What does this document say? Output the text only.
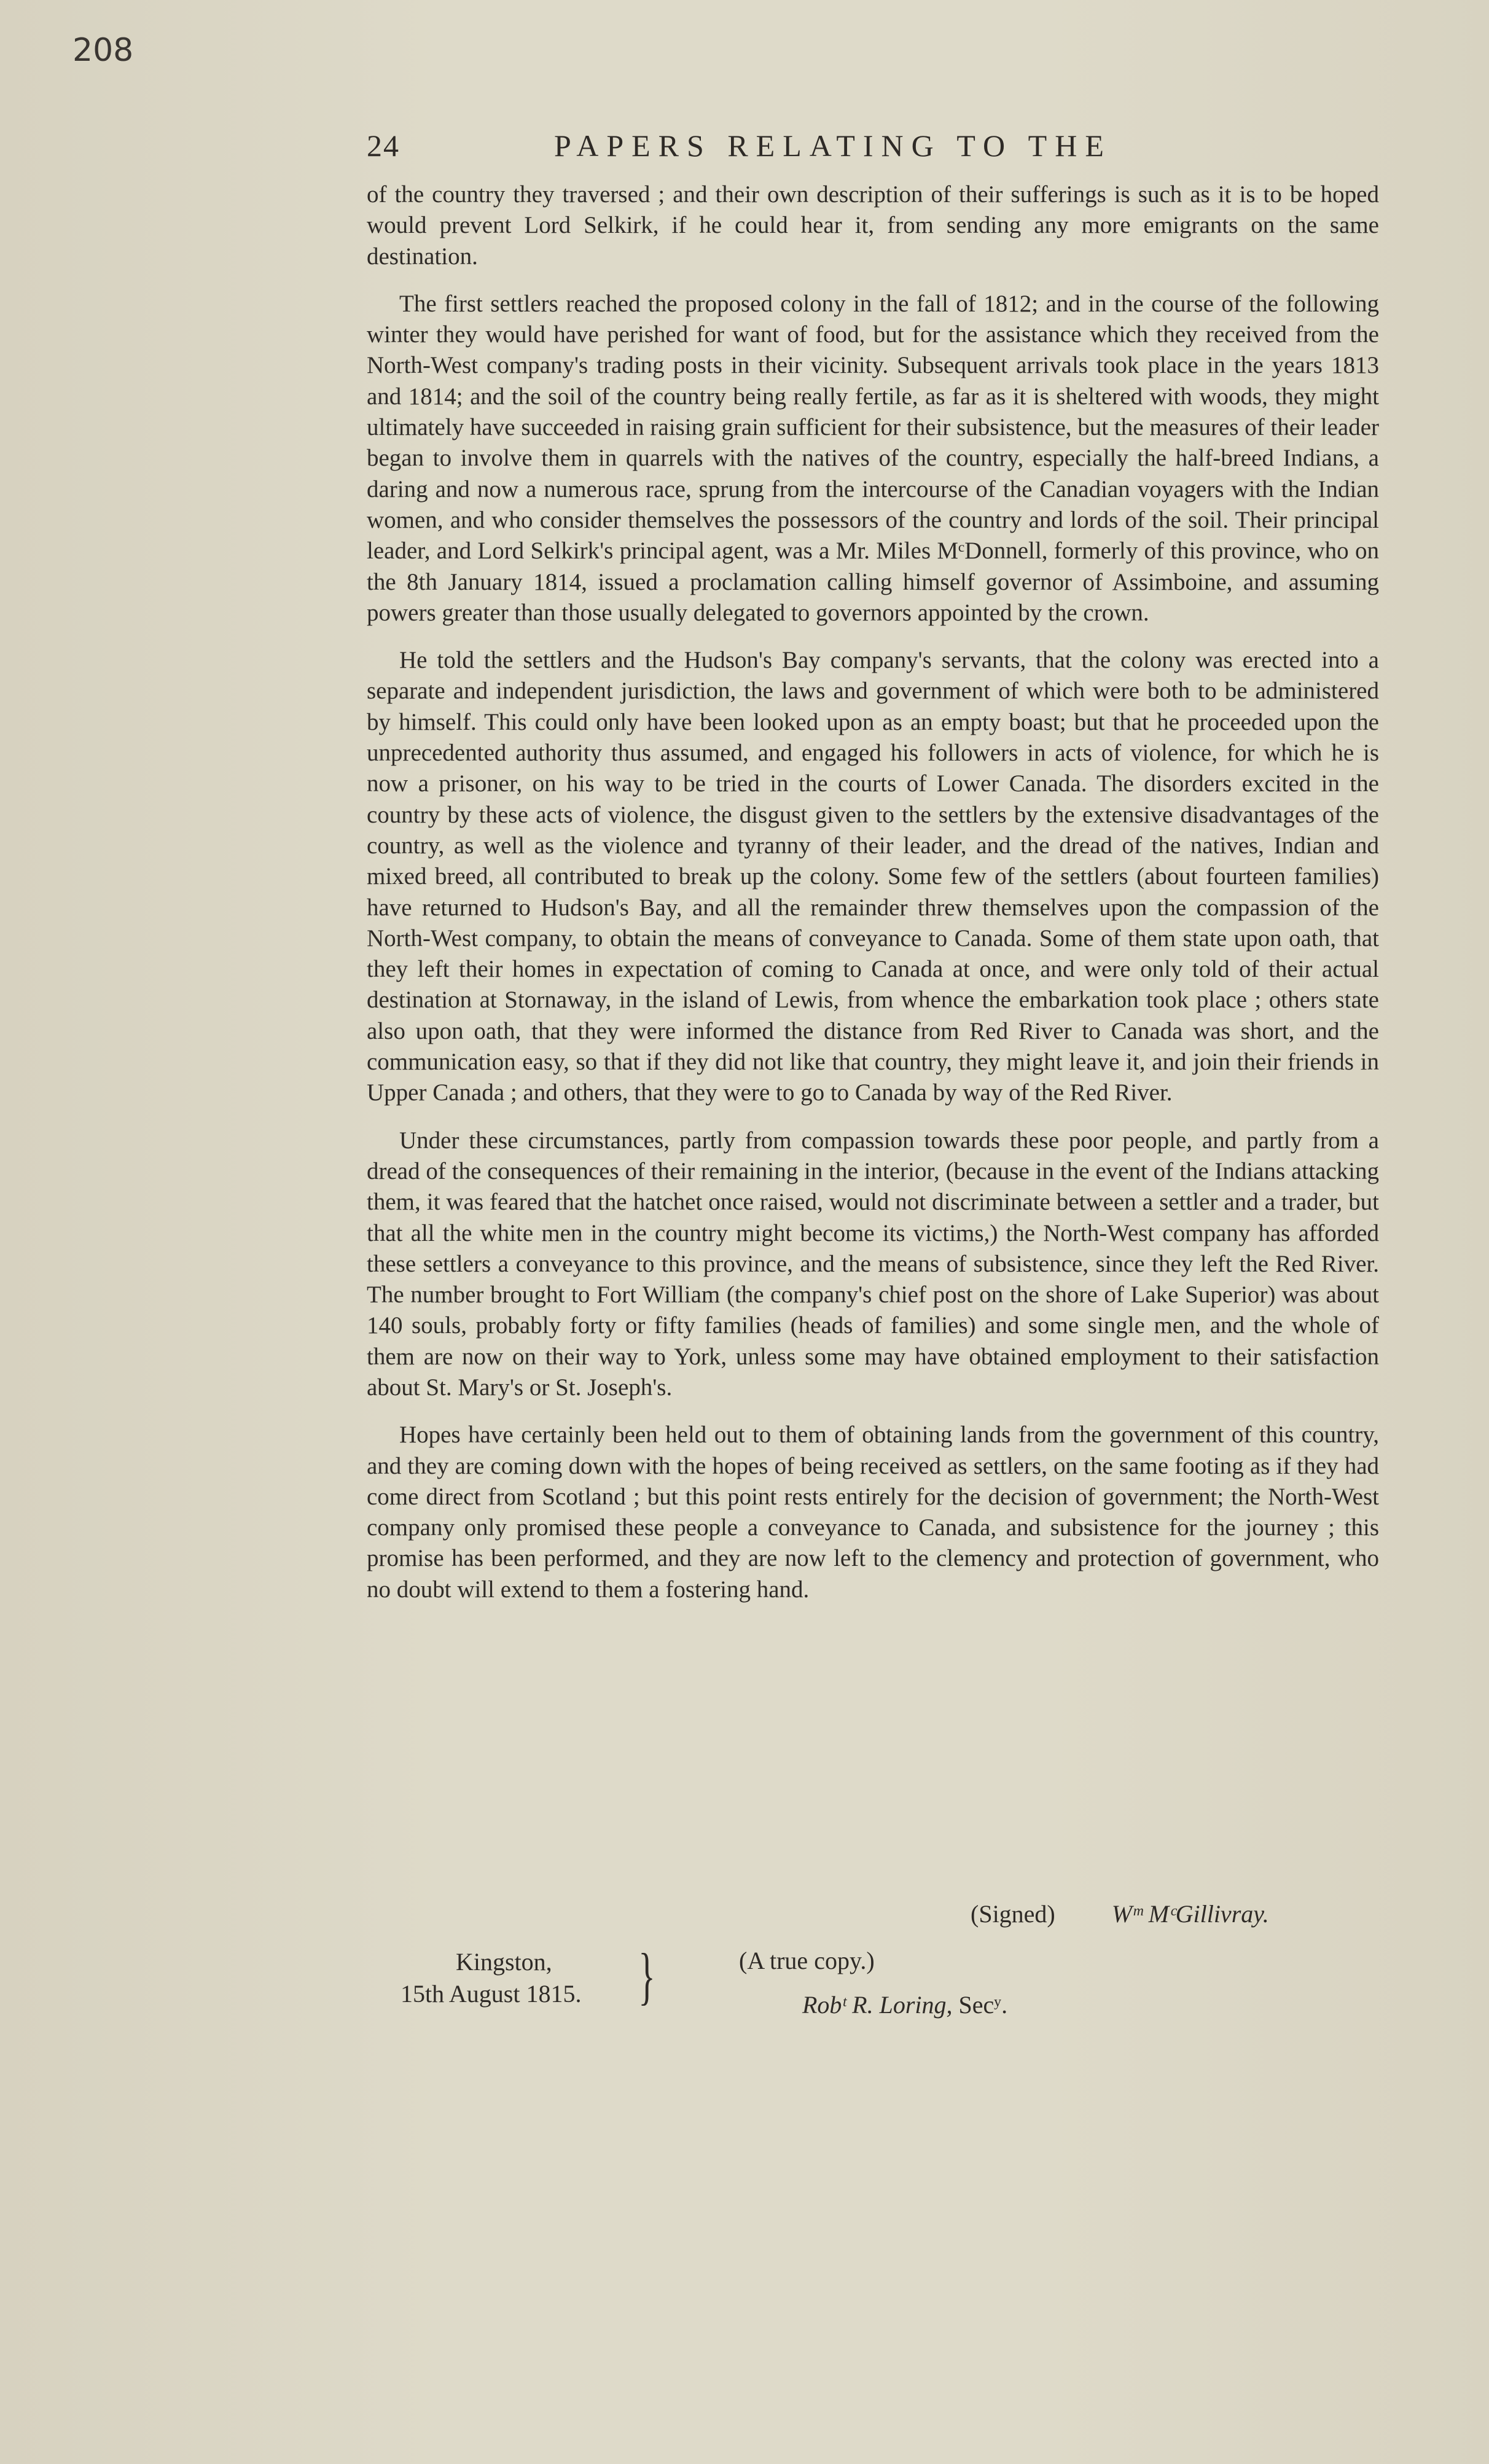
208
24	PAPERS RELATING TO THE

of the country they traversed ; and their own description of their sufferings is such as it is to be hoped would prevent Lord Selkirk, if he could hear it, from sending any more emigrants on the same destination.

The first settlers reached the proposed colony in the fall of 1812; and in the course of the following winter they would have perished for want of food, but for the assistance which they received from the North-West company's trading posts in their vicinity. Subsequent arrivals took place in the years 1813 and 1814; and the soil of the country being really fertile, as far as it is sheltered with woods, they might ultimately have succeeded in raising grain sufficient for their subsistence, but the measures of their leader began to involve them in quarrels with the natives of the country, especially the half-breed Indians, a daring and now a numerous race, sprung from the intercourse of the Canadian voyagers with the Indian women, and who consider themselves the possessors of the country and lords of the soil. Their principal leader, and Lord Selkirk's principal agent, was a Mr. Miles MᶜDonnell, formerly of this province, who on the 8th January 1814, issued a proclamation calling himself governor of Assimboine, and assuming powers greater than those usually delegated to governors appointed by the crown.

He told the settlers and the Hudson's Bay company's servants, that the colony was erected into a separate and independent jurisdiction, the laws and government of which were both to be administered by himself. This could only have been looked upon as an empty boast; but that he proceeded upon the unprecedented authority thus assumed, and engaged his followers in acts of violence, for which he is now a prisoner, on his way to be tried in the courts of Lower Canada. The disorders excited in the country by these acts of violence, the disgust given to the settlers by the extensive disadvantages of the country, as well as the violence and tyranny of their leader, and the dread of the natives, Indian and mixed breed, all contributed to break up the colony. Some few of the settlers (about fourteen families) have returned to Hudson's Bay, and all the remainder threw themselves upon the compassion of the North-West company, to obtain the means of conveyance to Canada. Some of them state upon oath, that they left their homes in expectation of coming to Canada at once, and were only told of their actual destination at Stornaway, in the island of Lewis, from whence the embarkation took place ; others state also upon oath, that they were informed the distance from Red River to Canada was short, and the communication easy, so that if they did not like that country, they might leave it, and join their friends in Upper Canada ; and others, that they were to go to Canada by way of the Red River.

Under these circumstances, partly from compassion towards these poor people, and partly from a dread of the consequences of their remaining in the interior, (because in the event of the Indians attacking them, it was feared that the hatchet once raised, would not discriminate between a settler and a trader, but that all the white men in the country might become its victims,) the North-West company has afforded these settlers a conveyance to this province, and the means of subsistence, since they left the Red River. The number brought to Fort William (the company's chief post on the shore of Lake Superior) was about 140 souls, probably forty or fifty families (heads of families) and some single men, and the whole of them are now on their way to York, unless some may have obtained employment to their satisfaction about St. Mary's or St. Joseph's.

Hopes have certainly been held out to them of obtaining lands from the government of this country, and they are coming down with the hopes of being received as settlers, on the same footing as if they had come direct from Scotland ; but this point rests entirely for the decision of government; the North-West company only promised these people a conveyance to Canada, and subsistence for the journey ; this promise has been performed, and they are now left to the clemency and protection of government, who no doubt will extend to them a fostering hand.

(Signed) Wᵐ MᶜGillivray.
Kingston,
15th August 1815. }	(A true copy.)
Robᵗ R. Loring, Secʸ.
